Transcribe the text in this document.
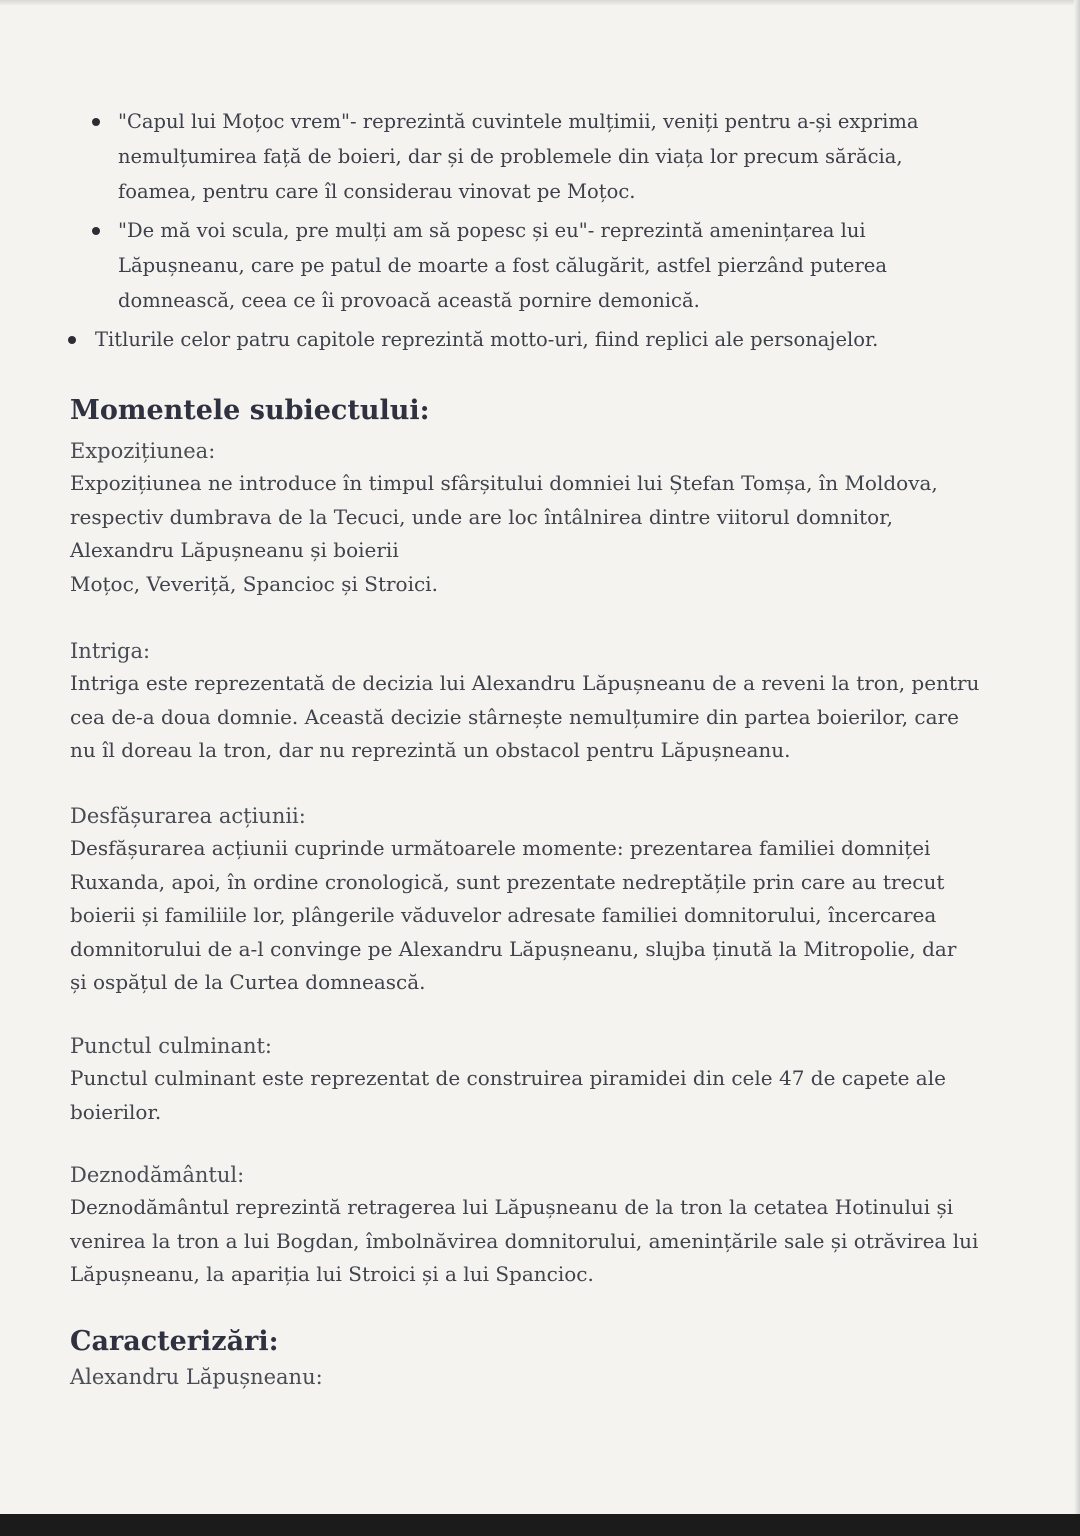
"Capul lui Moțoc vrem"- reprezintă cuvintele mulțimii, veniți pentru a-și exprima
nemulțumirea față de boieri, dar și de problemele din viața lor precum sărăcia,
foamea, pentru care îl considerau vinovat pe Moțoc.
"De mă voi scula, pre mulți am să popesc și eu"- reprezintă amenințarea lui
Lăpușneanu, care pe patul de moarte a fost călugărit, astfel pierzând puterea
domnească, ceea ce îi provoacă această pornire demonică.
Titlurile celor patru capitole reprezintă motto-uri, fiind replici ale personajelor.
Momentele subiectului:

Expozițiunea:

Expozițiunea ne introduce în timpul sfârșitului domniei lui Ștefan Tomșa, în Moldova,
respectiv dumbrava de la Tecuci, unde are loc întâlnirea dintre viitorul domnitor,
Alexandru Lăpușneanu și boierii
Moțoc, Veveriță, Spancioc și Stroici.

Intriga:

Intriga este reprezentată de decizia lui Alexandru Lăpușneanu de a reveni la tron, pentru
cea de-a doua domnie. Această decizie stârnește nemulțumire din partea boierilor, care
nu îl doreau la tron, dar nu reprezintă un obstacol pentru Lăpușneanu.

Desfășurarea acțiunii:

Desfășurarea acțiunii cuprinde următoarele momente: prezentarea familiei domniței
Ruxanda, apoi, în ordine cronologică, sunt prezentate nedreptățile prin care au trecut
boierii și familiile lor, plângerile văduvelor adresate familiei domnitorului, încercarea
domnitorului de a-l convinge pe Alexandru Lăpușneanu, slujba ținută la Mitropolie, dar
și ospățul de la Curtea domnească.

Punctul culminant:

Punctul culminant este reprezentat de construirea piramidei din cele 47 de capete ale
boierilor.

Deznodământul:

Deznodământul reprezintă retragerea lui Lăpușneanu de la tron la cetatea Hotinului și
venirea la tron a lui Bogdan, îmbolnăvirea domnitorului, amenințările sale și otrăvirea lui
Lăpușneanu, la apariția lui Stroici și a lui Spancioc.
Caracterizări:

Alexandru Lăpușneanu:
